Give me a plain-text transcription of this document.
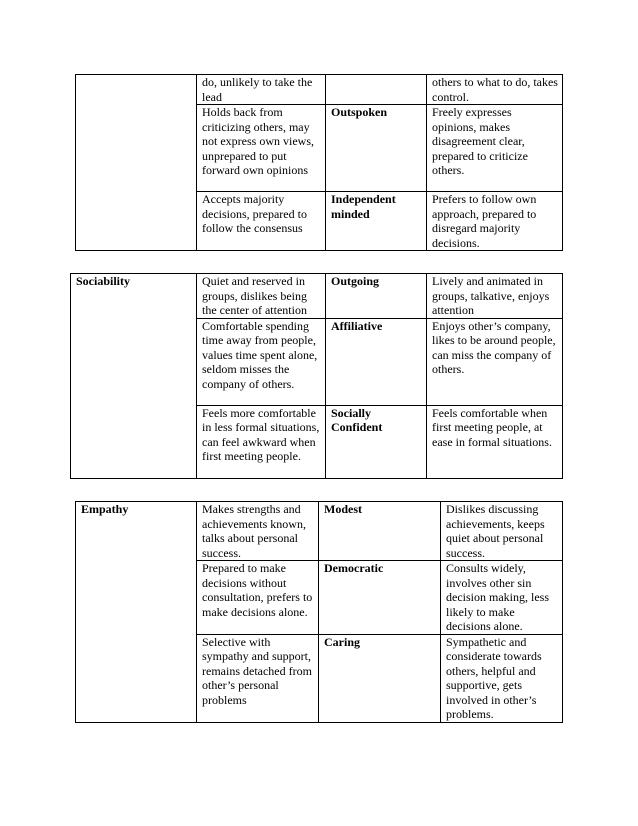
	do, unlikely to take the lead		others to what to do, takes control.
	Holds back from criticizing others, may not express own views, unprepared to put forward own opinions	Outspoken	Freely expresses opinions, makes disagreement clear, prepared to criticize others.
	Accepts majority decisions, prepared to follow the consensus	Independent minded	Prefers to follow own approach, prepared to disregard majority decisions.
Sociability	Quiet and reserved in groups, dislikes being the center of attention	Outgoing	Lively and animated in groups, talkative, enjoys attention
	Comfortable spending time away from people, values time spent alone, seldom misses the company of others.	Affiliative	Enjoys other’s company, likes to be around people, can miss the company of others.
	Feels more comfortable in less formal situations, can feel awkward when first meeting people.	Socially Confident	Feels comfortable when first meeting people, at ease in formal situations.
Empathy	Makes strengths and achievements known, talks about personal success.	Modest	Dislikes discussing achievements, keeps quiet about personal success.
	Prepared to make decisions without consultation, prefers to make decisions alone.	Democratic	Consults widely, involves other sin decision making, less likely to make decisions alone.
	Selective with sympathy and support, remains detached from other’s personal problems	Caring	Sympathetic and considerate towards others, helpful and supportive, gets involved in other’s problems.
